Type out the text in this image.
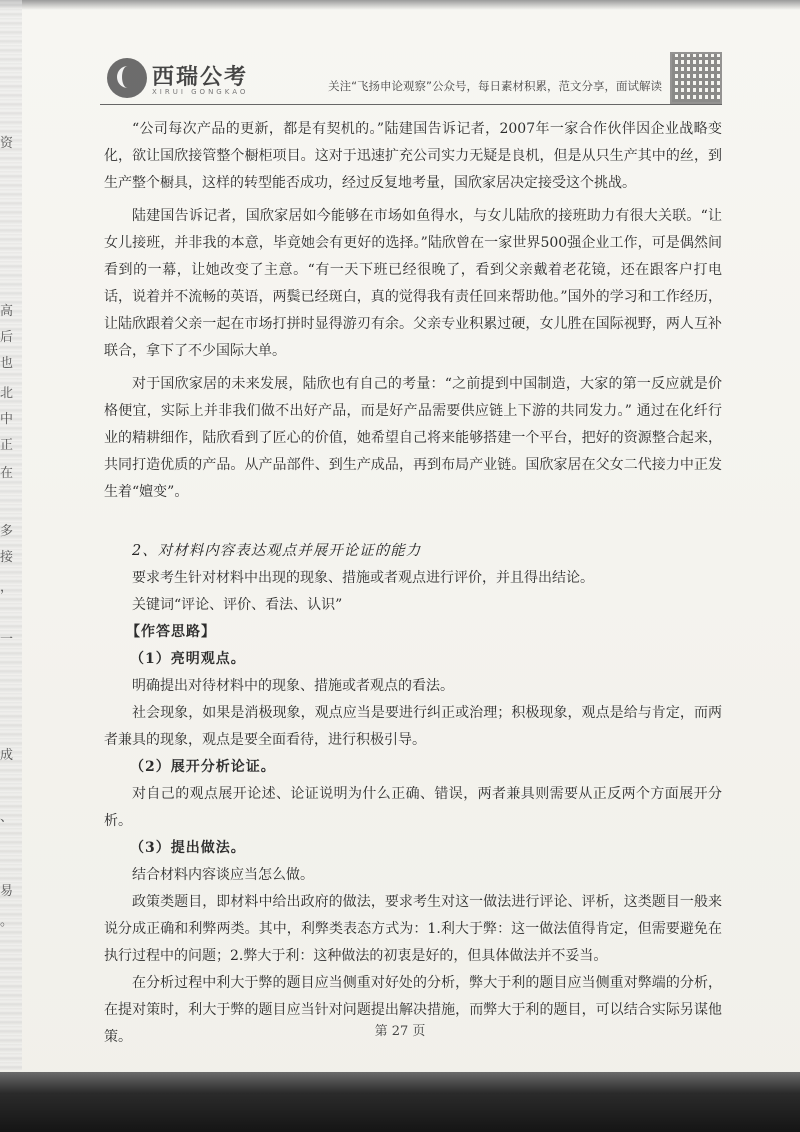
资
高
后
也
北
中
正
在
多
接
，
一
成
、
易
。
西瑞公考
XIRUI GONGKAO	关注“飞扬申论观察”公众号，每日素材积累，范文分享，面试解读

“公司每次产品的更新，都是有契机的。”陆建国告诉记者，2007年一家合作伙伴因企业战略变化，欲让国欣接管整个橱柜项目。这对于迅速扩充公司实力无疑是良机，但是从只生产其中的丝，到生产整个橱具，这样的转型能否成功，经过反复地考量，国欣家居决定接受这个挑战。

陆建国告诉记者，国欣家居如今能够在市场如鱼得水，与女儿陆欣的接班助力有很大关联。“让女儿接班，并非我的本意，毕竟她会有更好的选择。”陆欣曾在一家世界500强企业工作，可是偶然间看到的一幕，让她改变了主意。“有一天下班已经很晚了，看到父亲戴着老花镜，还在跟客户打电话，说着并不流畅的英语，两鬓已经斑白，真的觉得我有责任回来帮助他。”国外的学习和工作经历，让陆欣跟着父亲一起在市场打拼时显得游刃有余。父亲专业积累过硬，女儿胜在国际视野，两人互补联合，拿下了不少国际大单。

对于国欣家居的未来发展，陆欣也有自己的考量：“之前提到中国制造，大家的第一反应就是价格便宜，实际上并非我们做不出好产品，而是好产品需要供应链上下游的共同发力。” 通过在化纤行业的精耕细作，陆欣看到了匠心的价值，她希望自己将来能够搭建一个平台，把好的资源整合起来，共同打造优质的产品。从产品部件、到生产成品，再到布局产业链。国欣家居在父女二代接力中正发生着“嬗变”。

2、对材料内容表达观点并展开论证的能力

要求考生针对材料中出现的现象、措施或者观点进行评价，并且得出结论。

关键词“评论、评价、看法、认识”

【作答思路】

（1）亮明观点。

明确提出对待材料中的现象、措施或者观点的看法。

社会现象，如果是消极现象，观点应当是要进行纠正或治理；积极现象，观点是给与肯定，而两者兼具的现象，观点是要全面看待，进行积极引导。

（2）展开分析论证。

对自己的观点展开论述、论证说明为什么正确、错误，两者兼具则需要从正反两个方面展开分析。

（3）提出做法。

结合材料内容谈应当怎么做。

政策类题目，即材料中给出政府的做法，要求考生对这一做法进行评论、评析，这类题目一般来说分成正确和利弊两类。其中，利弊类表态方式为：1.利大于弊：这一做法值得肯定，但需要避免在执行过程中的问题；2.弊大于利：这种做法的初衷是好的，但具体做法并不妥当。

在分析过程中利大于弊的题目应当侧重对好处的分析，弊大于利的题目应当侧重对弊端的分析，在提对策时，利大于弊的题目应当针对问题提出解决措施，而弊大于利的题目，可以结合实际另谋他策。	第 27 页
